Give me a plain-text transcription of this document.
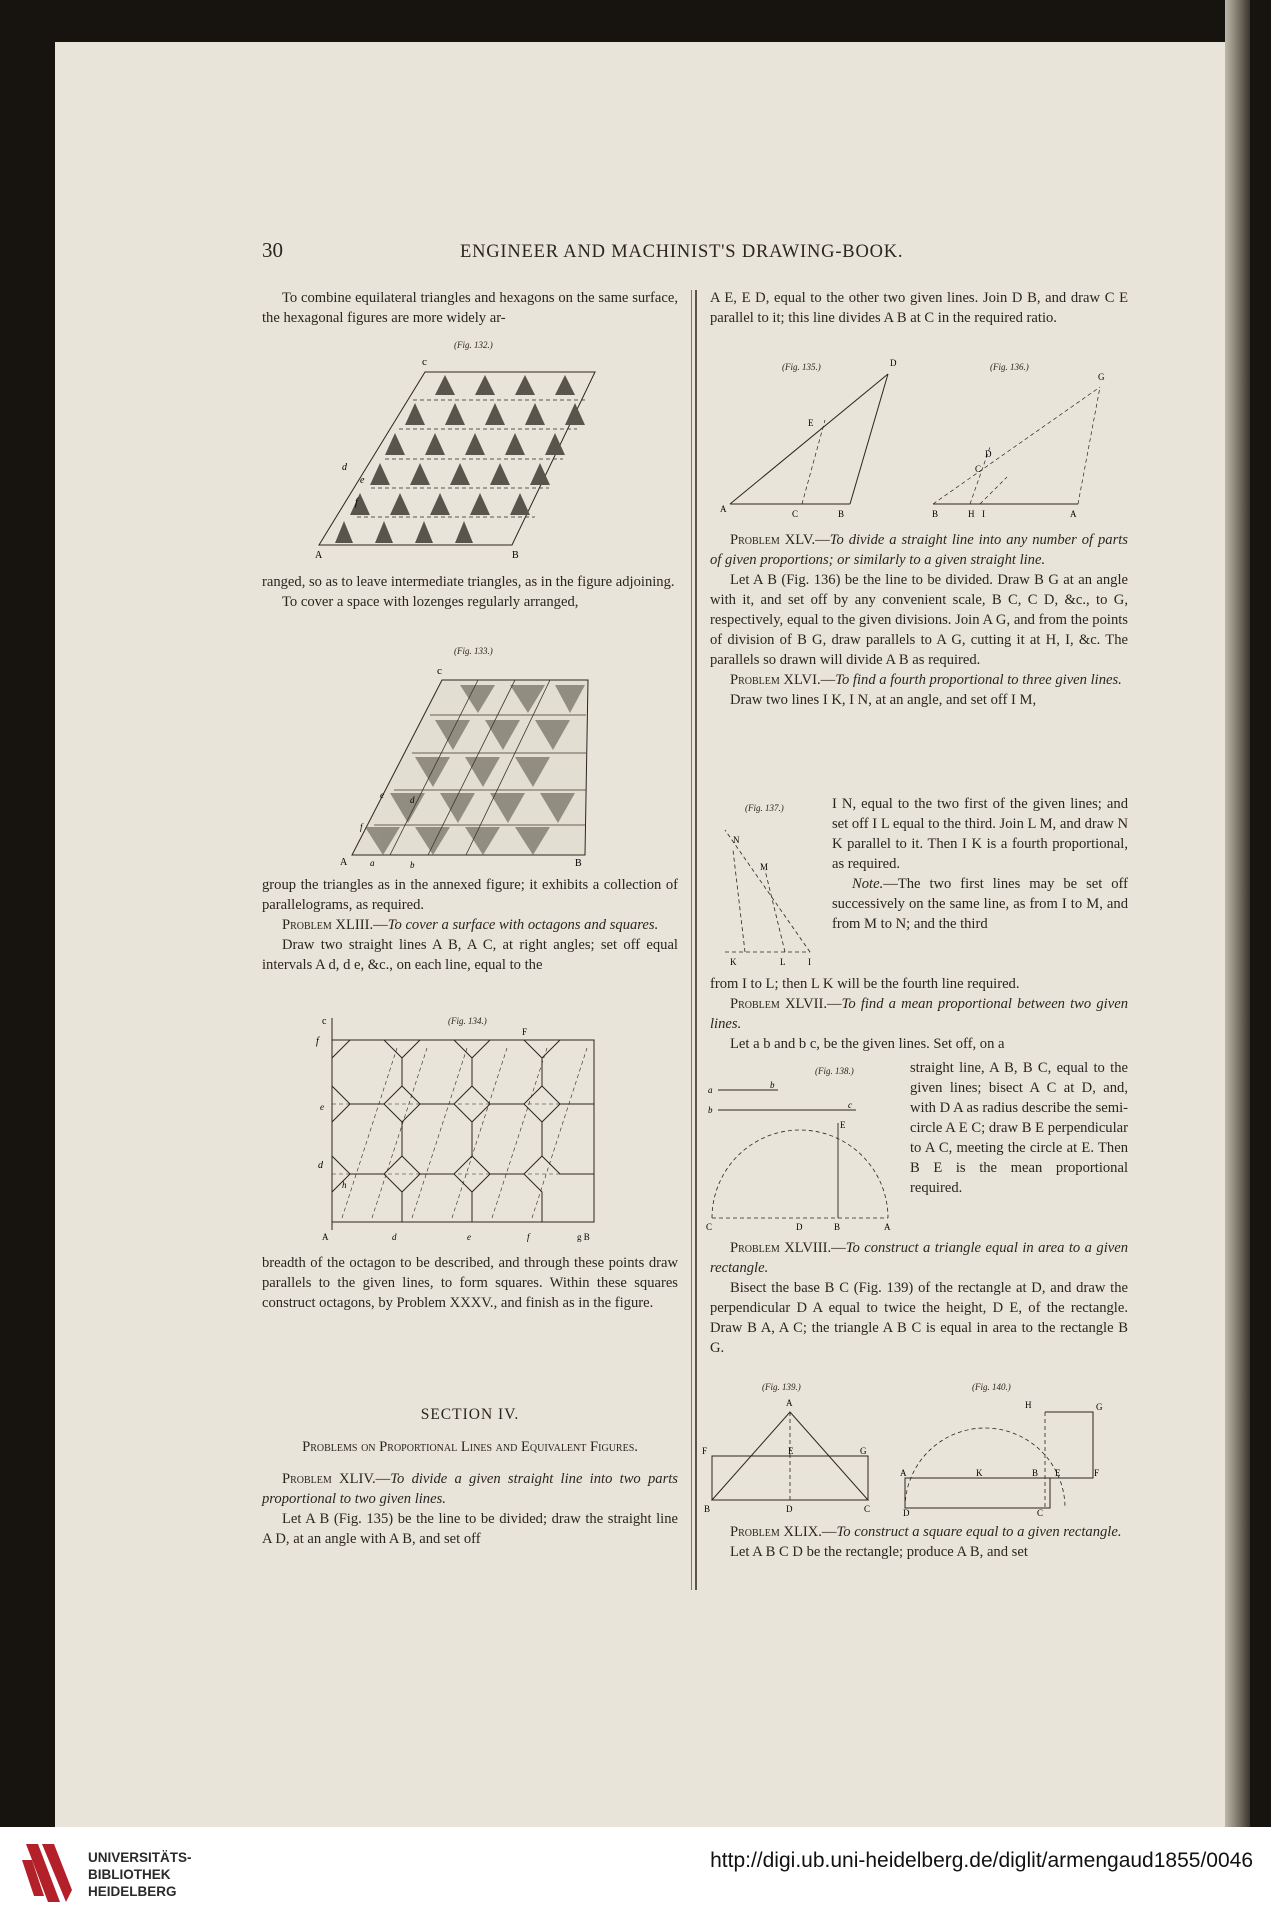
30	ENGINEER AND MACHINIST'S DRAWING-BOOK.

To combine equilateral triangles and hexagons on the same surface, the hexagonal figures are more widely ar-

(Fig. 132.)
d
e
f
c
A	B

ranged, so as to leave intermediate triangles, as in the figure adjoining.

To cover a space with lozenges regularly arranged,

(Fig. 133.)
c
A	a	b	B
e
f
d

group the triangles as in the annexed figure; it exhibits a collection of parallelograms, as required.

Problem XLIII.—To cover a surface with octagons and squares.

Draw two straight lines A B, A C, at right angles; set off equal intervals A d, d e, &c., on each line, equal to the

(Fig. 134.)
c
f
e
d
A	d	e	f	g B
F
h

breadth of the octagon to be described, and through these points draw parallels to the given lines, to form squares. Within these squares construct octagons, by Problem XXXV., and finish as in the figure.

SECTION IV.

Problems on Proportional Lines and Equivalent Figures.

Problem XLIV.—To divide a given straight line into two parts proportional to two given lines.

Let A B (Fig. 135) be the line to be divided; draw the straight line A D, at an angle with A B, and set off

A E, E D, equal to the other two given lines. Join D B, and draw C E parallel to it; this line divides A B at C in the required ratio.

(Fig. 135.)	(Fig. 136.)
A	C	B
D
E
B	H I	A
C
D
G

Problem XLV.—To divide a straight line into any number of parts of given proportions; or similarly to a given straight line.

Let A B (Fig. 136) be the line to be divided. Draw B G at an angle with it, and set off by any convenient scale, B C, C D, &c., to G, respectively, equal to the given divisions. Join A G, and from the points of division of B G, draw parallels to A G, cutting it at H, I, &c. The parallels so drawn will divide A B as required.

Problem XLVI.—To find a fourth proportional to three given lines.

Draw two lines I K, I N, at an angle, and set off I M,

(Fig. 137.)
N
M
K	L	I

I N, equal to the two first of the given lines; and set off I L equal to the third. Join L M, and draw N K parallel to it. Then I K is a fourth proportional, as required.

Note.—The two first lines may be set off successively on the same line, as from I to M, and from M to N; and the third

from I to L; then L K will be the fourth line required.

Problem XLVII.—To find a mean proportional between two given lines.

Let a b and b c, be the given lines. Set off, on a

(Fig. 138.)
a	b
b	c
E
C	D	B	A

straight line, A B, B C, equal to the given lines; bisect A C at D, and, with D A as radius describe the semi-circle A E C; draw B E perpendicular to A C, meeting the circle at E. Then B E is the mean proportional required.

Problem XLVIII.—To construct a triangle equal in area to a given rectangle.

Bisect the base B C (Fig. 139) of the rectangle at D, and draw the perpendicular D A equal to twice the height, D E, of the rectangle. Draw B A, A C; the triangle A B C is equal in area to the rectangle B G.

(Fig. 139.)	(Fig. 140.)
A
F	E	G
B	D	C
A	K	B E	F
H	G
D	C

Problem XLIX.—To construct a square equal to a given rectangle.

Let A B C D be the rectangle; produce A B, and set

UNIVERSITÄTS-
BIBLIOTHEK
HEIDELBERG
http://digi.ub.uni-heidelberg.de/diglit/armengaud1855/0046
